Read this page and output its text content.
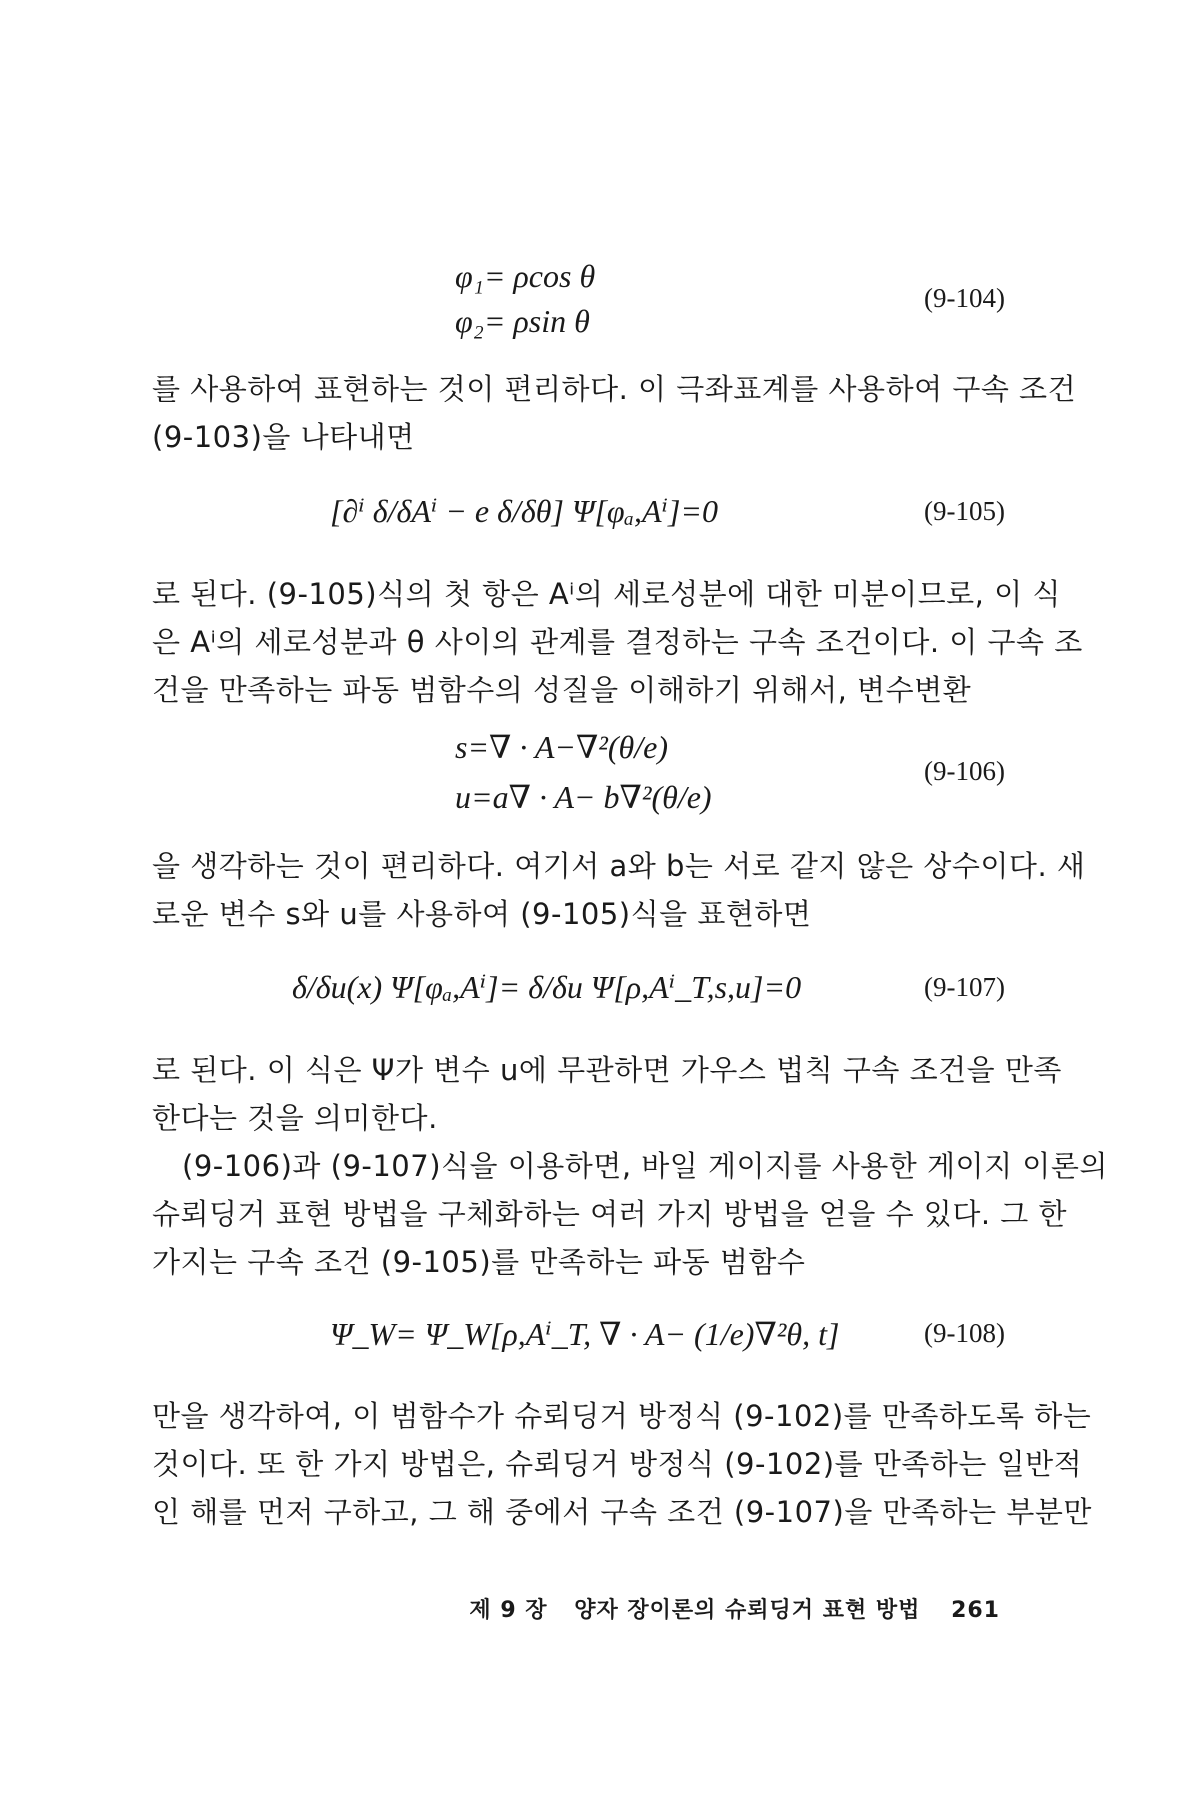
φ₁= ρcos θ
φ₂= ρsin θ
(9-104)
를 사용하여 표현하는 것이 편리하다. 이 극좌표계를 사용하여 구속 조건
(9-103)을 나타내면
[∂ⁱ δ/δAⁱ − e δ/δθ] Ψ[φₐ,Aⁱ]=0	(9-105)
로 된다. (9-105)식의 첫 항은 Aⁱ의 세로성분에 대한 미분이므로, 이 식
은 Aⁱ의 세로성분과 θ 사이의 관계를 결정하는 구속 조건이다. 이 구속 조
건을 만족하는 파동 범함수의 성질을 이해하기 위해서, 변수변환
s=∇ · A−∇²(θ/e)
u=a∇ · A− b∇²(θ/e)
(9-106)
을 생각하는 것이 편리하다. 여기서 a와 b는 서로 같지 않은 상수이다. 새
로운 변수 s와 u를 사용하여 (9-105)식을 표현하면
δ/δu(x) Ψ[φₐ,Aⁱ]= δ/δu Ψ[ρ,Aⁱ_T,s,u]=0	(9-107)
로 된다. 이 식은 Ψ가 변수 u에 무관하면 가우스 법칙 구속 조건을 만족
한다는 것을 의미한다.
(9-106)과 (9-107)식을 이용하면, 바일 게이지를 사용한 게이지 이론의
슈뢰딩거 표현 방법을 구체화하는 여러 가지 방법을 얻을 수 있다. 그 한
가지는 구속 조건 (9-105)를 만족하는 파동 범함수
Ψ_W= Ψ_W[ρ,Aⁱ_T, ∇ · A− (1/e)∇²θ, t]	(9-108)
만을 생각하여, 이 범함수가 슈뢰딩거 방정식 (9-102)를 만족하도록 하는
것이다. 또 한 가지 방법은, 슈뢰딩거 방정식 (9-102)를 만족하는 일반적
인 해를 먼저 구하고, 그 해 중에서 구속 조건 (9-107)을 만족하는 부분만
제 9 장 양자 장이론의 슈뢰딩거 표현 방법 261
